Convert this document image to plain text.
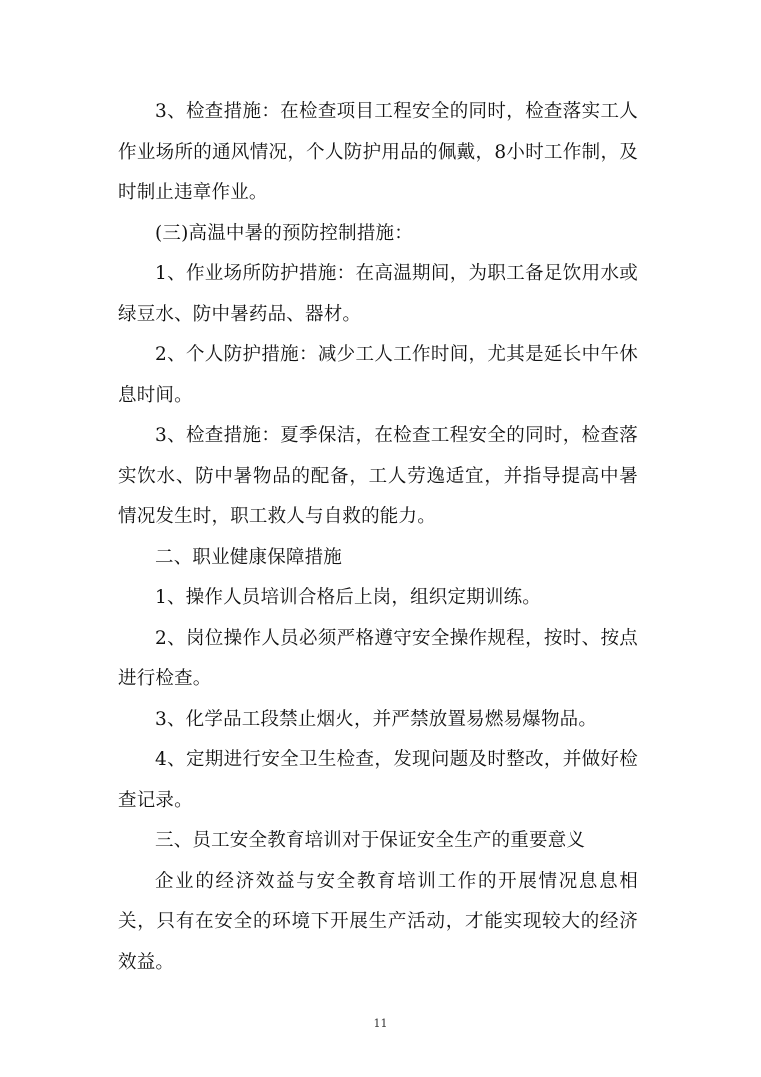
3、检查措施：在检查项目工程安全的同时，检查落实工人作业场所的通风情况，个人防护用品的佩戴，8小时工作制，及时制止违章作业。

(三)高温中暑的预防控制措施：

1、作业场所防护措施：在高温期间，为职工备足饮用水或绿豆水、防中暑药品、器材。

2、个人防护措施：减少工人工作时间，尤其是延长中午休息时间。

3、检查措施：夏季保洁，在检查工程安全的同时，检查落实饮水、防中暑物品的配备，工人劳逸适宜，并指导提高中暑情况发生时，职工救人与自救的能力。

二、职业健康保障措施

1、操作人员培训合格后上岗，组织定期训练。

2、岗位操作人员必须严格遵守安全操作规程，按时、按点进行检查。

3、化学品工段禁止烟火，并严禁放置易燃易爆物品。

4、定期进行安全卫生检查，发现问题及时整改，并做好检查记录。

三、员工安全教育培训对于保证安全生产的重要意义

企业的经济效益与安全教育培训工作的开展情况息息相关，只有在安全的环境下开展生产活动，才能实现较大的经济效益。

11
